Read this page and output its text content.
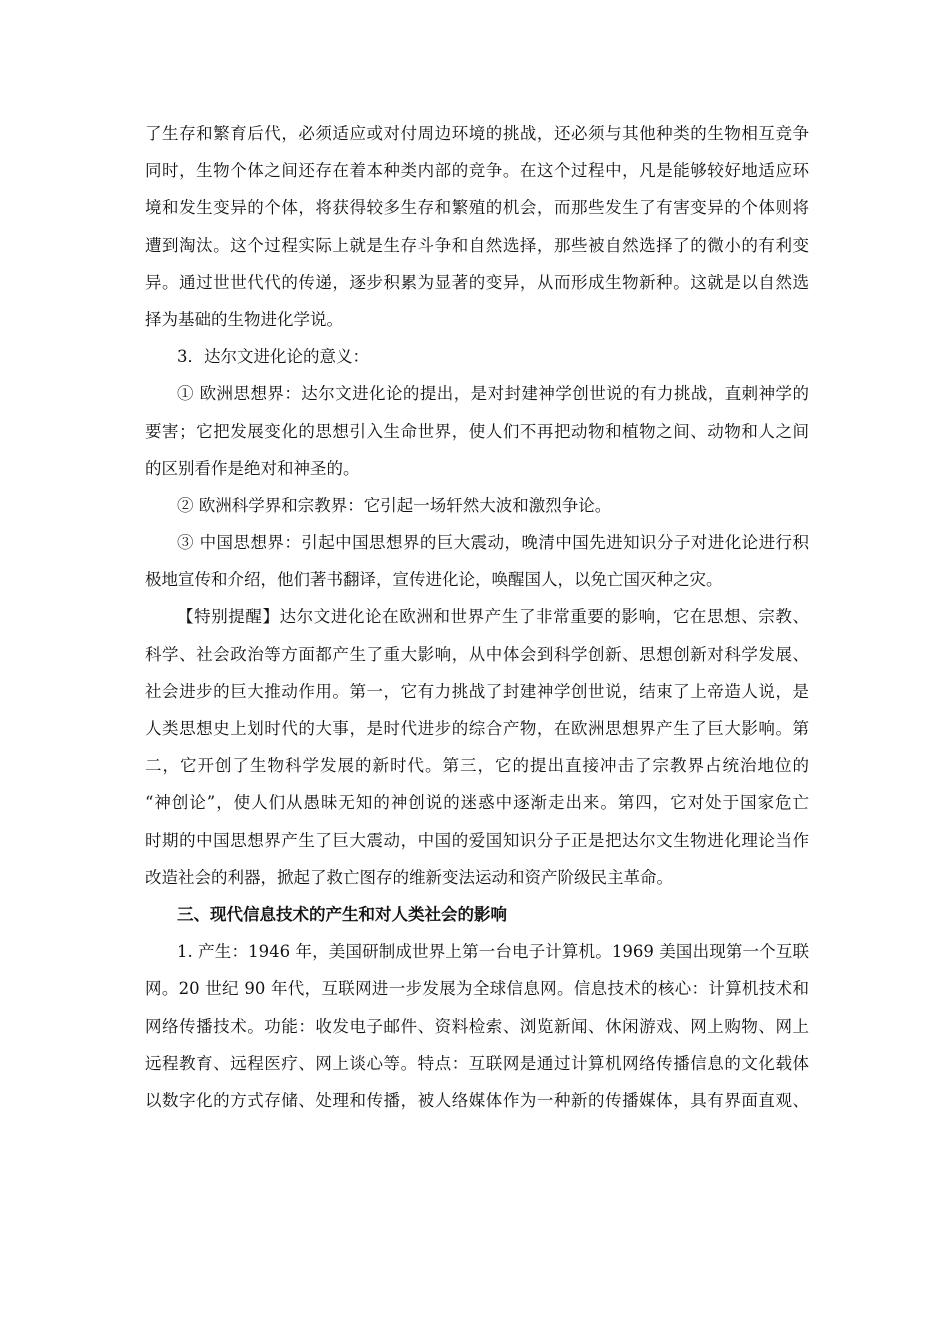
了生存和繁育后代，必须适应或对付周边环境的挑战，还必须与其他种类的生物相互竞争
同时，生物个体之间还存在着本种类内部的竞争。在这个过程中，凡是能够较好地适应环
境和发生变异的个体，将获得较多生存和繁殖的机会，而那些发生了有害变异的个体则将
遭到淘汰。这个过程实际上就是生存斗争和自然选择，那些被自然选择了的微小的有利变
异。通过世世代代的传递，逐步积累为显著的变异，从而形成生物新种。这就是以自然选
择为基础的生物进化学说。
3．达尔文进化论的意义：
① 欧洲思想界：达尔文进化论的提出，是对封建神学创世说的有力挑战，直刺神学的
要害；它把发展变化的思想引入生命世界，使人们不再把动物和植物之间、动物和人之间
的区别看作是绝对和神圣的。
② 欧洲科学界和宗教界：它引起一场轩然大波和激烈争论。
③ 中国思想界：引起中国思想界的巨大震动，晚清中国先进知识分子对进化论进行积
极地宣传和介绍，他们著书翻译，宣传进化论，唤醒国人，以免亡国灭种之灾。
【特别提醒】达尔文进化论在欧洲和世界产生了非常重要的影响，它在思想、宗教、
科学、社会政治等方面都产生了重大影响，从中体会到科学创新、思想创新对科学发展、
社会进步的巨大推动作用。第一，它有力挑战了封建神学创世说，结束了上帝造人说，是
人类思想史上划时代的大事，是时代进步的综合产物，在欧洲思想界产生了巨大影响。第
二，它开创了生物科学发展的新时代。第三，它的提出直接冲击了宗教界占统治地位的
“神创论”，使人们从愚昧无知的神创说的迷惑中逐渐走出来。第四，它对处于国家危亡
时期的中国思想界产生了巨大震动，中国的爱国知识分子正是把达尔文生物进化理论当作
改造社会的利器，掀起了救亡图存的维新变法运动和资产阶级民主革命。
三、现代信息技术的产生和对人类社会的影响
1. 产生：1946 年，美国研制成世界上第一台电子计算机。1969 美国出现第一个互联
网。20 世纪 90 年代，互联网进一步发展为全球信息网。信息技术的核心：计算机技术和
网络传播技术。功能：收发电子邮件、资料检索、浏览新闻、休闲游戏、网上购物、网上
远程教育、远程医疗、网上谈心等。特点：互联网是通过计算机网络传播信息的文化载体
以数字化的方式存储、处理和传播，被人络媒体作为一种新的传播媒体，具有界面直观、
